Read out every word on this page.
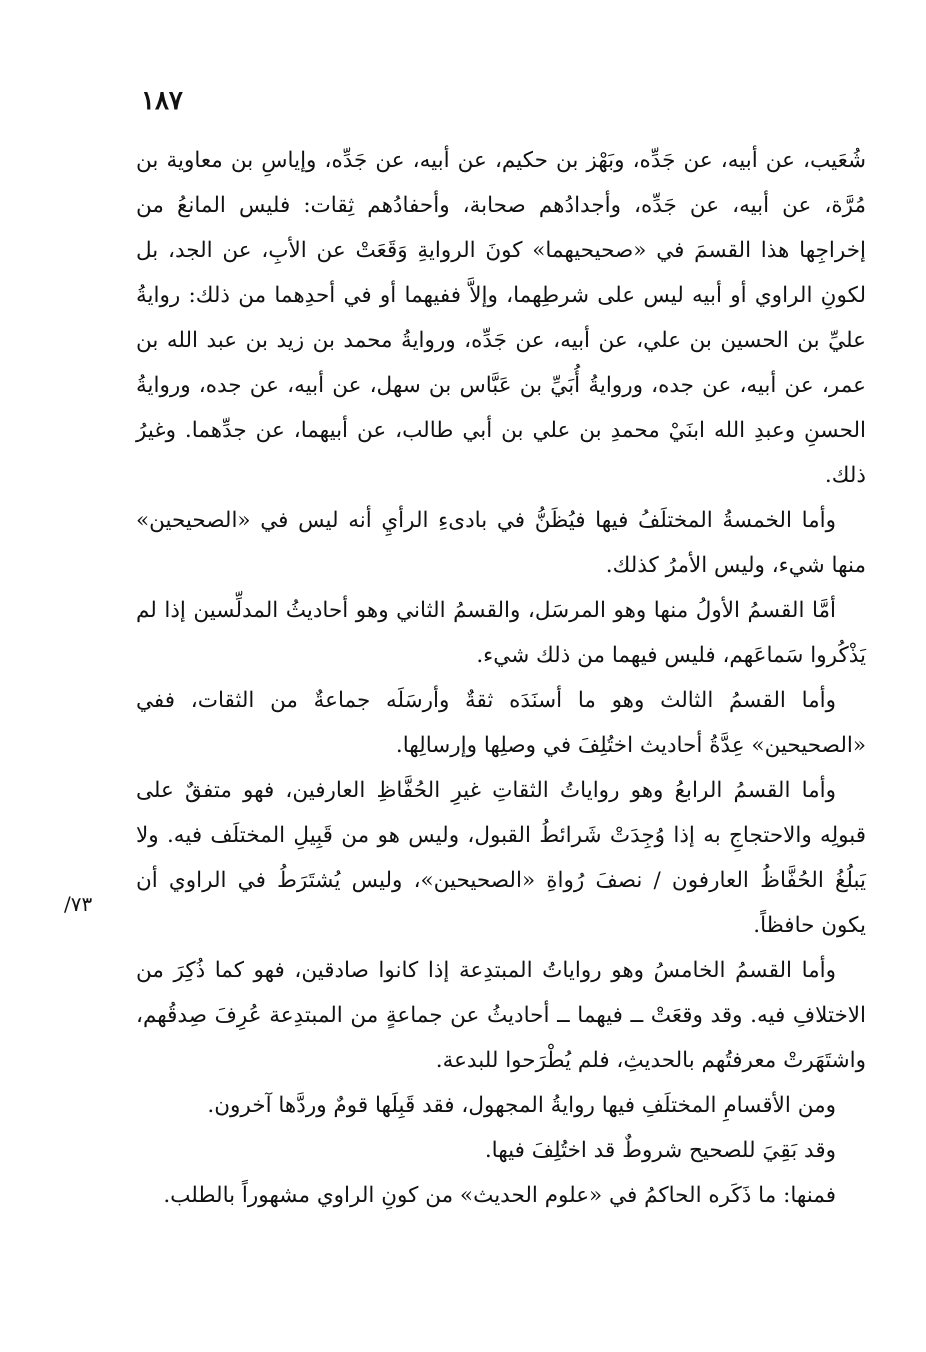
١٨٧
٧٣/

شُعَيب، عن أبيه، عن جَدِّه، وبَهْز بن حكيم، عن أبيه، عن جَدِّه، وإياسِ بن معاوية بن مُرَّة، عن أبيه، عن جَدِّه، وأجدادُهم صحابة، وأحفادُهم ثِقات: فليس المانعُ من إخراجِها هذا القسمَ في «صحيحيهما» كونَ الروايةِ وَقَعَتْ عن الأبِ، عن الجد، بل لكونِ الراوي أو أبيه ليس على شرطِهما، وإلاَّ ففيهما أو في أحدِهما من ذلك: روايةُ عليِّ بن الحسين بن علي، عن أبيه، عن جَدِّه، وروايةُ محمد بن زيد بن عبد الله بن عمر، عن أبيه، عن جده، وروايةُ أُبَيِّ بن عَبَّاس بن سهل، عن أبيه، عن جده، وروايةُ الحسنِ وعبدِ الله ابنَيْ محمدِ بن علي بن أبي طالب، عن أبيهما، عن جدِّهما. وغيرُ ذلك.

وأما الخمسةُ المختلَفُ فيها فيُظَنُّ في بادىءِ الرأيِ أنه ليس في «الصحيحين» منها شيء، وليس الأمرُ كذلك.

أمَّا القسمُ الأولُ منها وهو المرسَل، والقسمُ الثاني وهو أحاديثُ المدلِّسين إذا لم يَذْكُروا سَماعَهم، فليس فيهما من ذلك شيء.

وأما القسمُ الثالث وهو ما أسنَدَه ثقةٌ وأرسَلَه جماعةٌ من الثقات، ففي «الصحيحين» عِدَّةُ أحاديث اختُلِفَ في وصلِها وإرسالِها.

وأما القسمُ الرابعُ وهو رواياتُ الثقاتِ غيرِ الحُفَّاظِ العارفين، فهو متفقٌ على قبولِه والاحتجاجِ به إذا وُجِدَتْ شَرائطُ القبول، وليس هو من قَبِيلِ المختلَف فيه. ولا يَبلُغُ الحُفَّاظُ العارفون / نصفَ رُواةِ «الصحيحين»، وليس يُشتَرَطُ في الراوي أن يكون حافظاً.

وأما القسمُ الخامسُ وهو رواياتُ المبتدِعة إذا كانوا صادقين، فهو كما ذُكِرَ من الاختلافِ فيه. وقد وقعَتْ ــ فيهما ــ أحاديثُ عن جماعةٍ من المبتدِعة عُرِفَ صِدقُهم، واشتَهَرتْ معرفتُهم بالحديثِ، فلم يُطْرَحوا للبدعة.

ومن الأقسامِ المختلَفِ فيها روايةُ المجهول، فقد قَبِلَها قومٌ وردَّها آخرون.

وقد بَقِيَ للصحيح شروطٌ قد اختُلِفَ فيها.

فمنها: ما ذَكَره الحاكمُ في «علوم الحديث» من كونِ الراوي مشهوراً بالطلب.
